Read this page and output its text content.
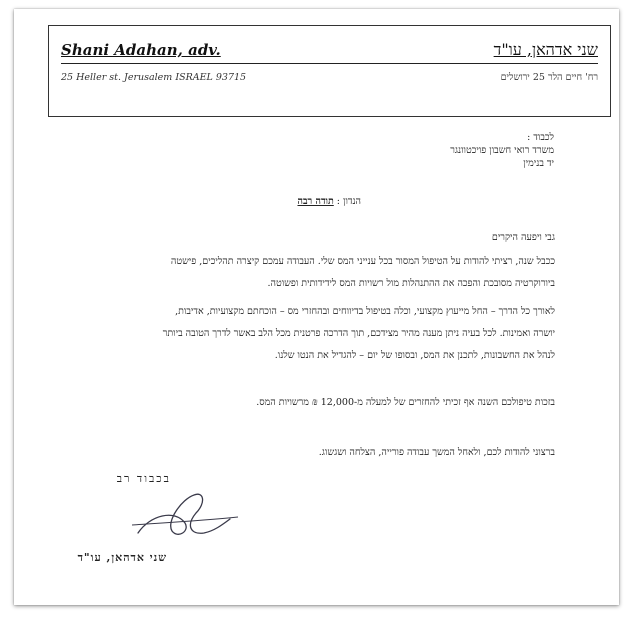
Shani Adahan, adv.	שני אדהאן, עו"ד
25 Heller st. Jerusalem ISRAEL 93715	רח' חיים הלר 25 ירושלים
לכבוד :
משרד רואי חשבון פויכטוונגר
יד בנימין
הנדון : תודה רבה
גבי ויפעה היקרים
ככבל שנה, רציתי להודות על הטיפול המסור בכל ענייני המס שלי. העבודה עמכם קיצרה תהליכים, פישטה
ביורוקרטיה מסובכת והפכה את ההתנהלות מול רשויות המס לידידותית ופשוטה.
לאורך כל הדרך – החל מייעוץ מקצועי, וכלה בטיפול בדיווחים ובהחזרי מס – הוכחתם מקצועיות, אדיבות,
יושרה ואמינות. לכל בעיה ניתן מענה מהיר מצידכם, תוך הדרכה פרטנית מכל הלב באשר לדרך הטובה ביותר
לנהל את החשבונות, לתכנן את המס, ובסופו של יום – להגדיל את הנטו שלנו.
בזכות טיפולכם השנה אף זכיתי להחזרים של למעלה מ-12,000 ₪ מרשויות המס.
ברצוני להודות לכם, ולאחל המשך עבודה פורייה, הצלחה ושגשוג.
בכבוד רב
שני אדהאן, עו"ד
